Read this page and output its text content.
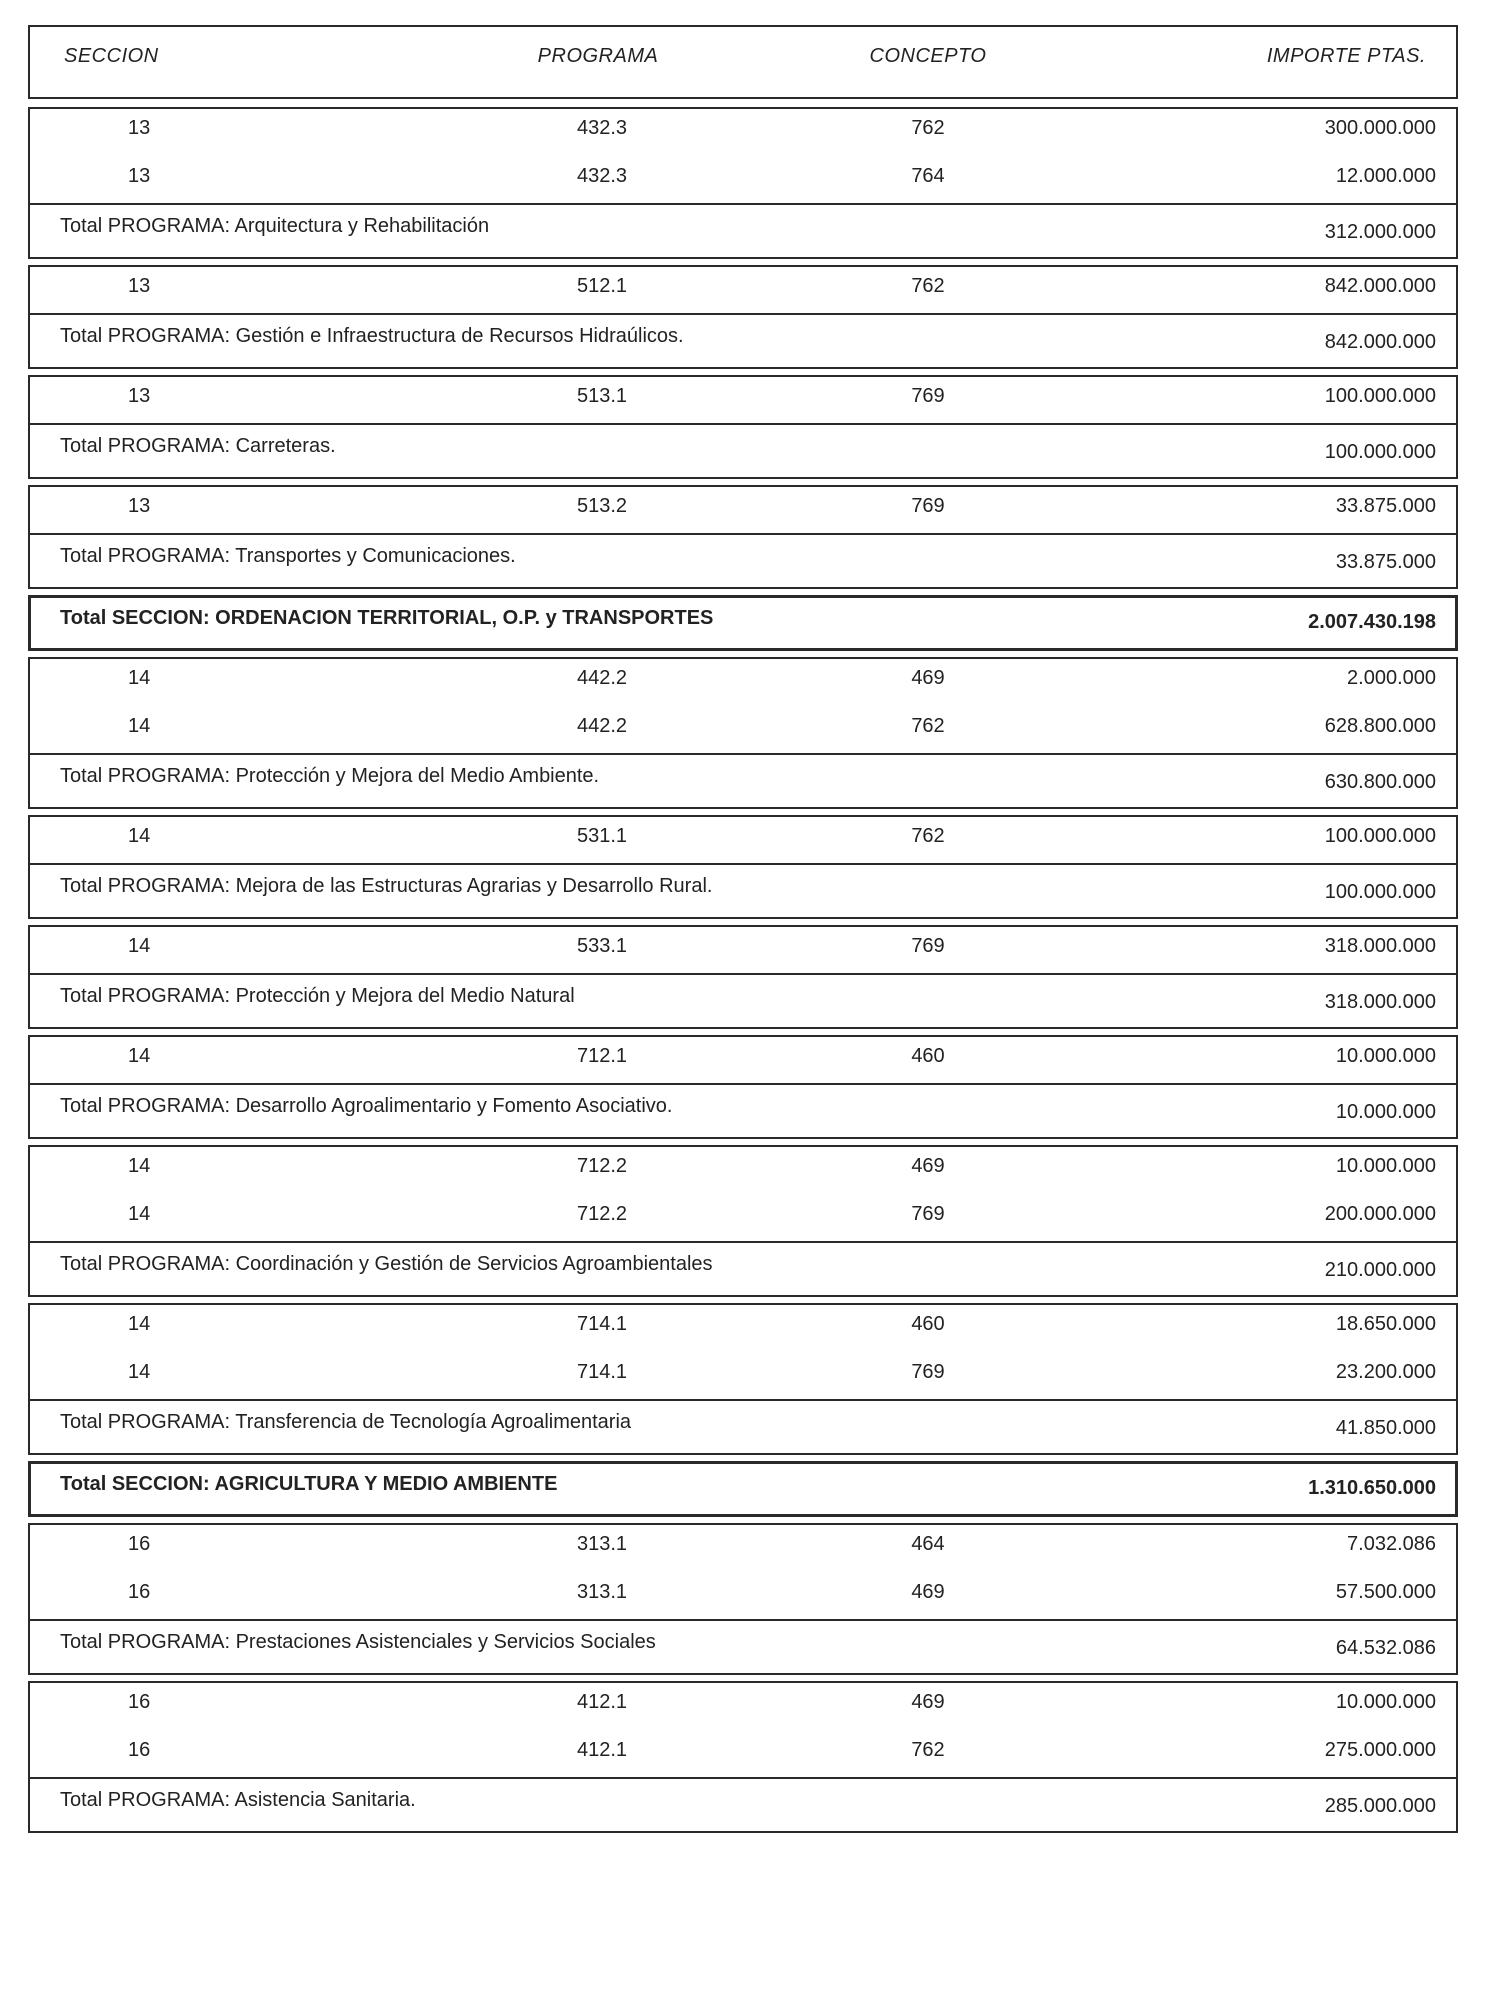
SECCION	PROGRAMA	CONCEPTO	IMPORTE PTAS.
13	432.3	762	300.000.000
13	432.3	764	12.000.000
Total PROGRAMA: Arquitectura y Rehabilitación	312.000.000
13	512.1	762	842.000.000
Total PROGRAMA: Gestión e Infraestructura de Recursos Hidraúlicos.	842.000.000
13	513.1	769	100.000.000
Total PROGRAMA: Carreteras.	100.000.000
13	513.2	769	33.875.000
Total PROGRAMA: Transportes y Comunicaciones.	33.875.000
Total SECCION: ORDENACION TERRITORIAL, O.P. y TRANSPORTES	2.007.430.198
14	442.2	469	2.000.000
14	442.2	762	628.800.000
Total PROGRAMA: Protección y Mejora del Medio Ambiente.	630.800.000
14	531.1	762	100.000.000
Total PROGRAMA: Mejora de las Estructuras Agrarias y Desarrollo Rural.	100.000.000
14	533.1	769	318.000.000
Total PROGRAMA: Protección y Mejora del Medio Natural	318.000.000
14	712.1	460	10.000.000
Total PROGRAMA: Desarrollo Agroalimentario y Fomento Asociativo.	10.000.000
14	712.2	469	10.000.000
14	712.2	769	200.000.000
Total PROGRAMA: Coordinación y Gestión de Servicios Agroambientales	210.000.000
14	714.1	460	18.650.000
14	714.1	769	23.200.000
Total PROGRAMA: Transferencia de Tecnología Agroalimentaria	41.850.000
Total SECCION: AGRICULTURA Y MEDIO AMBIENTE	1.310.650.000
16	313.1	464	7.032.086
16	313.1	469	57.500.000
Total PROGRAMA: Prestaciones Asistenciales y Servicios Sociales	64.532.086
16	412.1	469	10.000.000
16	412.1	762	275.000.000
Total PROGRAMA: Asistencia Sanitaria.	285.000.000
